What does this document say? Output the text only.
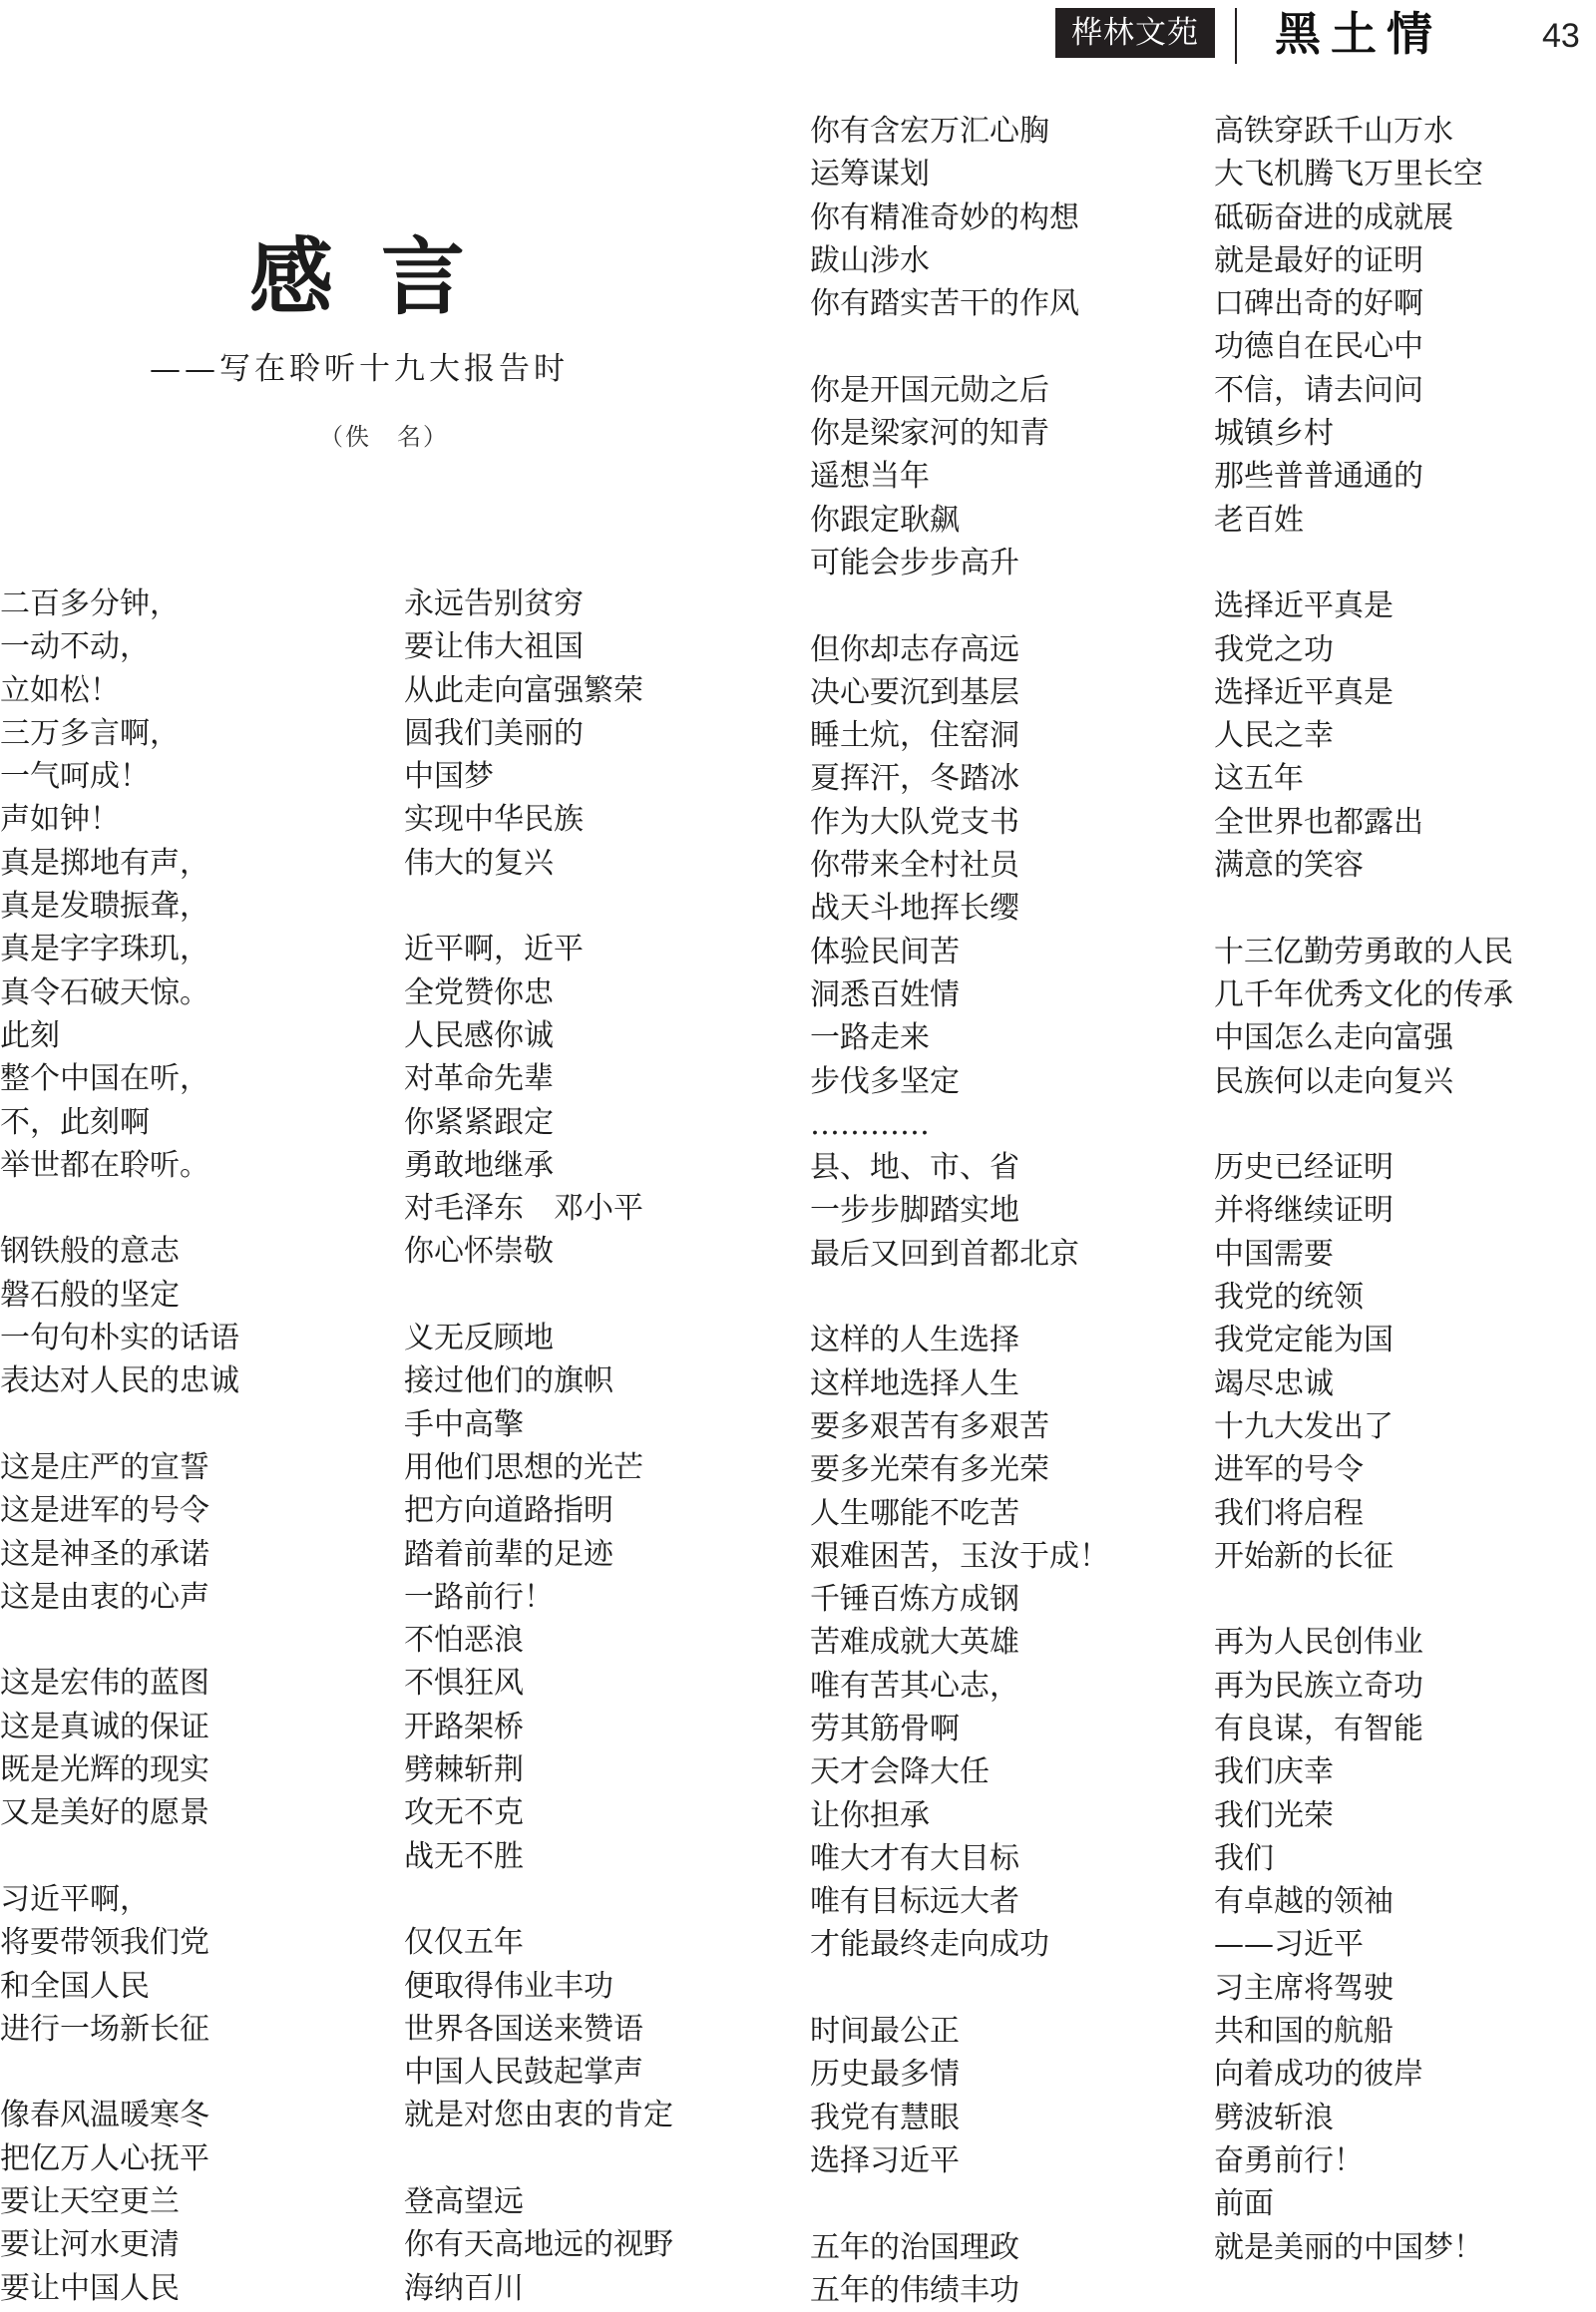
桦林文苑	黑土情	43
感言
——写在聆听十九大报告时
（佚　名）
二百多分钟，
一动不动，
立如松！
三万多言啊，
一气呵成！
声如钟！
真是掷地有声，
真是发聩振聋，
真是字字珠玑，
真令石破天惊。
此刻
整个中国在听，
不，此刻啊
举世都在聆听。
钢铁般的意志
磐石般的坚定
一句句朴实的话语
表达对人民的忠诚
这是庄严的宣誓
这是进军的号令
这是神圣的承诺
这是由衷的心声
这是宏伟的蓝图
这是真诚的保证
既是光辉的现实
又是美好的愿景
习近平啊，
将要带领我们党
和全国人民
进行一场新长征
像春风温暖寒冬
把亿万人心抚平
要让天空更兰
要让河水更清
要让中国人民
永远告别贫穷
要让伟大祖国
从此走向富强繁荣
圆我们美丽的
中国梦
实现中华民族
伟大的复兴
近平啊，近平
全党赞你忠
人民感你诚
对革命先辈
你紧紧跟定
勇敢地继承
对毛泽东　邓小平
你心怀崇敬
义无反顾地
接过他们的旗帜
手中高擎
用他们思想的光芒
把方向道路指明
踏着前辈的足迹
一路前行！
不怕恶浪
不惧狂风
开路架桥
劈棘斩荆
攻无不克
战无不胜
仅仅五年
便取得伟业丰功
世界各国送来赞语
中国人民鼓起掌声
就是对您由衷的肯定
登高望远
你有天高地远的视野
海纳百川
你有含宏万汇心胸
运筹谋划
你有精准奇妙的构想
跋山涉水
你有踏实苦干的作风
你是开国元勋之后
你是梁家河的知青
遥想当年
你跟定耿飙
可能会步步高升
但你却志存高远
决心要沉到基层
睡土炕，住窑洞
夏挥汗，冬踏冰
作为大队党支书
你带来全村社员
战天斗地挥长缨
体验民间苦
洞悉百姓情
一路走来
步伐多坚定
…………
县、地、市、省
一步步脚踏实地
最后又回到首都北京
这样的人生选择
这样地选择人生
要多艰苦有多艰苦
要多光荣有多光荣
人生哪能不吃苦
艰难困苦，玉汝于成！
千锤百炼方成钢
苦难成就大英雄
唯有苦其心志，
劳其筋骨啊
天才会降大任
让你担承
唯大才有大目标
唯有目标远大者
才能最终走向成功
时间最公正
历史最多情
我党有慧眼
选择习近平
五年的治国理政
五年的伟绩丰功
高铁穿跃千山万水
大飞机腾飞万里长空
砥砺奋进的成就展
就是最好的证明
口碑出奇的好啊
功德自在民心中
不信，请去问问
城镇乡村
那些普普通通的
老百姓
选择近平真是
我党之功
选择近平真是
人民之幸
这五年
全世界也都露出
满意的笑容
十三亿勤劳勇敢的人民
几千年优秀文化的传承
中国怎么走向富强
民族何以走向复兴
历史已经证明
并将继续证明
中国需要
我党的统领
我党定能为国
竭尽忠诚
十九大发出了
进军的号令
我们将启程
开始新的长征
再为人民创伟业
再为民族立奇功
有良谋，有智能
我们庆幸
我们光荣
我们
有卓越的领袖
——习近平
习主席将驾驶
共和国的航船
向着成功的彼岸
劈波斩浪
奋勇前行！
前面
就是美丽的中国梦！
